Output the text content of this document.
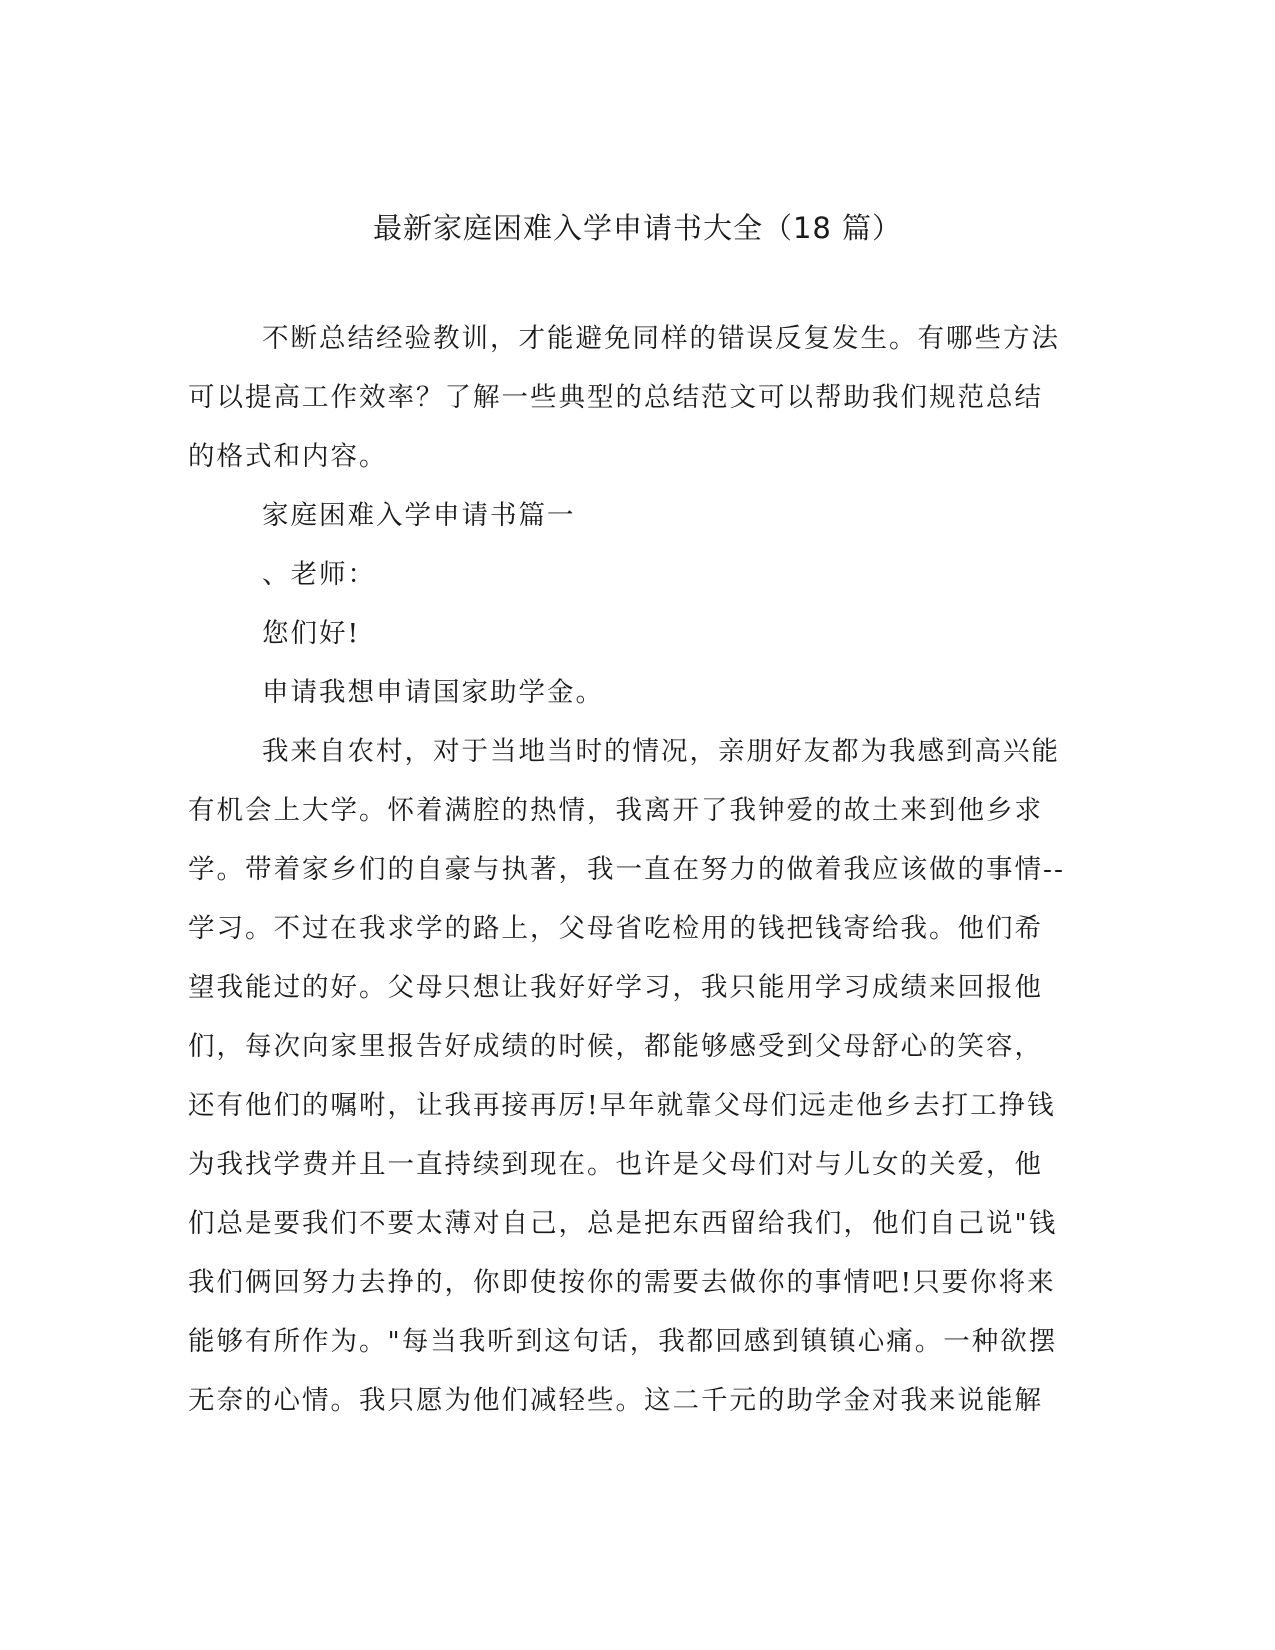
最新家庭困难入学申请书大全（18 篇）
不断总结经验教训，才能避免同样的错误反复发生。有哪些方法
可以提高工作效率？了解一些典型的总结范文可以帮助我们规范总结
的格式和内容。
家庭困难入学申请书篇一
、老师：
您们好!
申请我想申请国家助学金。
我来自农村，对于当地当时的情况，亲朋好友都为我感到高兴能
有机会上大学。怀着满腔的热情，我离开了我钟爱的故土来到他乡求
学。带着家乡们的自豪与执著，我一直在努力的做着我应该做的事情--
学习。不过在我求学的路上，父母省吃检用的钱把钱寄给我。他们希
望我能过的好。父母只想让我好好学习，我只能用学习成绩来回报他
们，每次向家里报告好成绩的时候，都能够感受到父母舒心的笑容，
还有他们的嘱咐，让我再接再厉!早年就靠父母们远走他乡去打工挣钱
为我找学费并且一直持续到现在。也许是父母们对与儿女的关爱，他
们总是要我们不要太薄对自己，总是把东西留给我们，他们自己说"钱
我们俩回努力去挣的，你即使按你的需要去做你的事情吧!只要你将来
能够有所作为。"每当我听到这句话，我都回感到镇镇心痛。一种欲摆
无奈的心情。我只愿为他们减轻些。这二千元的助学金对我来说能解
